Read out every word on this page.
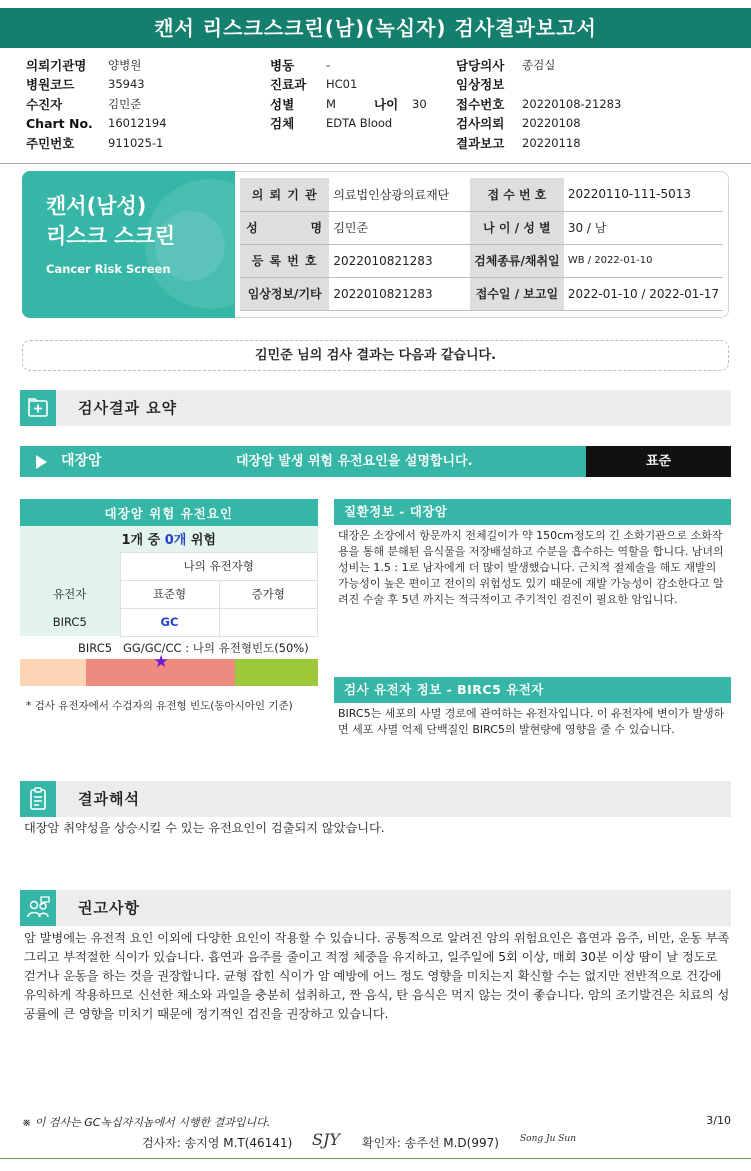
캔서 리스크스크린(남)(녹십자) 검사결과보고서
의뢰기관명	양병원
병원코드	35943
수진자	김민준
Chart No.	16012194
주민번호	911025-1
병동	-
진료과	HC01
성별	M	나이	30
검체	EDTA Blood
담당의사	종검실
임상정보
접수번호	20220108-21283
검사의뢰	20220108
결과보고	20220118
캔서(남성)
리스크 스크린
Cancer Risk Screen
의 뢰 기 관	의료법인삼광의료재단	접 수 번 호	20220110-111-5013
성          명	김민준	나 이 / 성 별	30 / 남
등 록 번 호	2022010821283	검체종류/채취일	WB / 2022-01-10
임상정보/기타	2022010821283	접수일 / 보고일	2022-01-10 / 2022-01-17
김민준 님의 검사 결과는 다음과 같습니다.
검사결과 요약
대장암	대장암 발생 위험 유전요인을 설명합니다.	표준
대장암 위험 유전요인		
1개 중 0개 위험		
	나의 유전자형	
유전자	표준형	증가형
BIRC5	GC	
BIRC5   GG/GC/CC : 나의 유전형빈도(50%)
★
* 검사 유전자에서 수검자의 유전형 빈도(동아시아인 기준)
질환정보 - 대장암
대장은 소장에서 항문까지 전체길이가 약 150cm정도의 긴 소화기관으로 소화작용을 통해 분해된 음식물을 저장배설하고 수분을 흡수하는 역할을 합니다. 남녀의 성비는 1.5 : 1로 남자에게 더 많이 발생했습니다. 근치적 절제술을 해도 재발의 가능성이 높은 편이고 전이의 위험성도 있기 때문에 재발 가능성이 감소한다고 알려진 수술 후 5년 까지는 적극적이고 주기적인 검진이 필요한 암입니다.
검사 유전자 정보 - BIRC5 유전자
BIRC5는 세포의 사멸 경로에 관여하는 유전자입니다. 이 유전자에 변이가 발생하면 세포 사멸 억제 단백질인 BIRC5의 발현량에 영향을 줄 수 있습니다.
결과해석
대장암 취약성을 상승시킬 수 있는 유전요인이 검출되지 않았습니다.
권고사항
암 발병에는 유전적 요인 이외에 다양한 요인이 작용할 수 있습니다. 공통적으로 알려진 암의 위험요인은 흡연과 음주, 비만, 운동 부족 그리고 부적절한 식이가 있습니다. 흡연과 음주를 줄이고 적정 체중을 유지하고, 일주일에 5회 이상, 매회 30분 이상 땀이 날 정도로 걷거나 운동을 하는 것을 권장합니다. 균형 잡힌 식이가 암 예방에 어느 정도 영향을 미치는지 확신할 수는 없지만 전반적으로 건강에 유익하게 작용하므로 신선한 채소와 과일을 충분히 섭취하고, 짠 음식, 탄 음식은 먹지 않는 것이 좋습니다. 암의 조기발견은 치료의 성공률에 큰 영향을 미치기 때문에 정기적인 검진을 권장하고 있습니다.
※ 이 검사는 GC녹십자지놈에서 시행한 결과입니다.	3/10
검사자: 송지영 M.T(46141) SJY 확인자: 송주선 M.D(997) Song Ju Sun
